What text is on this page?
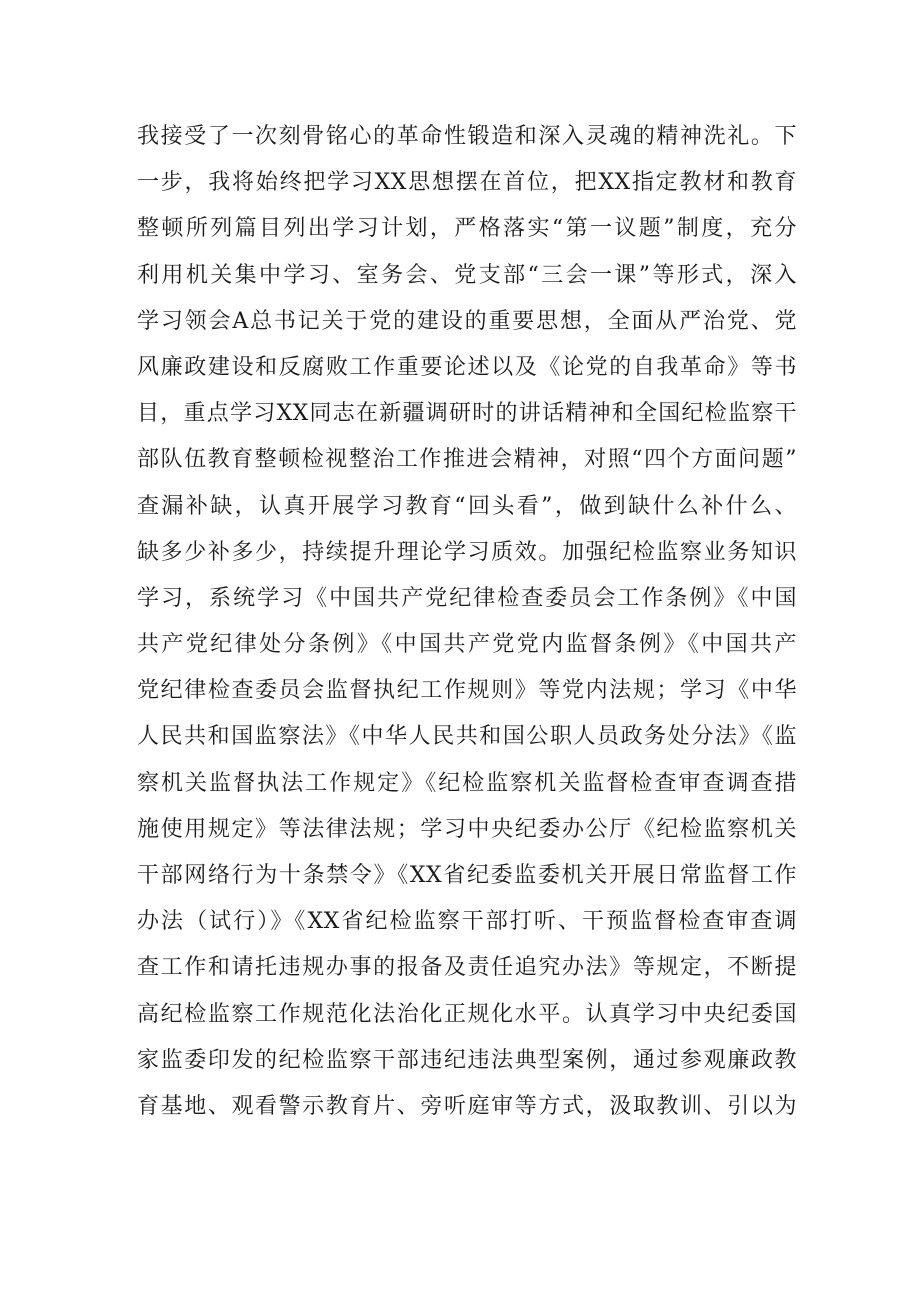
我接受了一次刻骨铭心的革命性锻造和深入灵魂的精神洗礼。下
一步，我将始终把学习XX思想摆在首位，把XX指定教材和教育
整顿所列篇目列出学习计划，严格落实“第一议题”制度，充分
利用机关集中学习、室务会、党支部“三会一课”等形式，深入
学习领会A总书记关于党的建设的重要思想，全面从严治党、党
风廉政建设和反腐败工作重要论述以及《论党的自我革命》等书
目，重点学习XX同志在新疆调研时的讲话精神和全国纪检监察干
部队伍教育整顿检视整治工作推进会精神，对照“四个方面问题”
查漏补缺，认真开展学习教育“回头看”，做到缺什么补什么、
缺多少补多少，持续提升理论学习质效。加强纪检监察业务知识
学习，系统学习《中国共产党纪律检查委员会工作条例》《中国
共产党纪律处分条例》《中国共产党党内监督条例》《中国共产
党纪律检查委员会监督执纪工作规则》等党内法规；学习《中华
人民共和国监察法》《中华人民共和国公职人员政务处分法》《监
察机关监督执法工作规定》《纪检监察机关监督检查审查调查措
施使用规定》等法律法规；学习中央纪委办公厅《纪检监察机关
干部网络行为十条禁令》《XX省纪委监委机关开展日常监督工作
办法（试行）》《XX省纪检监察干部打听、干预监督检查审查调
查工作和请托违规办事的报备及责任追究办法》等规定，不断提
高纪检监察工作规范化法治化正规化水平。认真学习中央纪委国
家监委印发的纪检监察干部违纪违法典型案例，通过参观廉政教
育基地、观看警示教育片、旁听庭审等方式，汲取教训、引以为
